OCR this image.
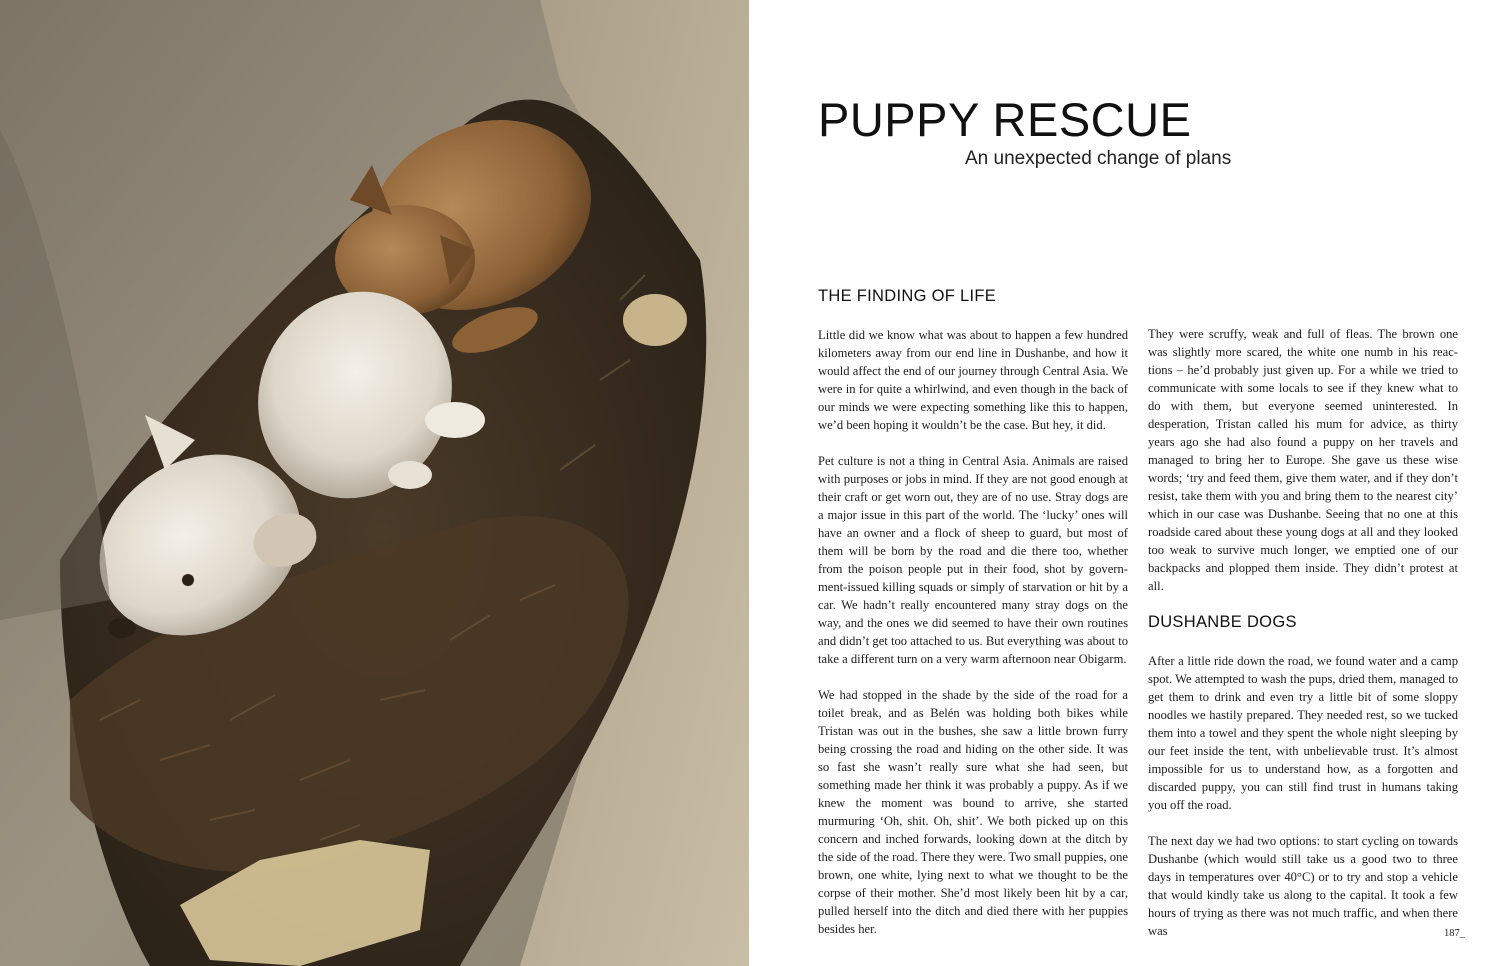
PUPPY RESCUE
An unexpected change of plans
THE FINDING OF LIFE

Little did we know what was about to happen a few hundred kilometers away from our end line in Dushanbe, and how it would affect the end of our journey through Central Asia. We were in for quite a whirlwind, and even though in the back of our minds we were expecting something like this to happen, we’d been hoping it wouldn’t be the case. But hey, it did.

Pet culture is not a thing in Central Asia. Animals are raised with purposes or jobs in mind. If they are not good enough at their craft or get worn out, they are of no use. Stray dogs are a major issue in this part of the world. The ‘lucky’ ones will have an owner and a flock of sheep to guard, but most of them will be born by the road and die there too, whether from the poison people put in their food, shot by govern- ment-issued killing squads or simply of starvation or hit by a car. We hadn’t really encountered many stray dogs on the way, and the ones we did seemed to have their own routines and didn’t get too attached to us. But everything was about to take a different turn on a very warm afternoon near Obigarm.

We had stopped in the shade by the side of the road for a toilet break, and as Belén was holding both bikes while Tristan was out in the bushes, she saw a little brown furry being crossing the road and hiding on the other side. It was so fast she wasn’t really sure what she had seen, but something made her think it was probably a puppy. As if we knew the moment was bound to arrive, she started murmuring ‘Oh, shit. Oh, shit’. We both picked up on this concern and inched forwards, looking down at the ditch by the side of the road. There they were. Two small puppies, one brown, one white, lying next to what we thought to be the corpse of their mother. She’d most likely been hit by a car, pulled herself into the ditch and died there with her puppies besides her.

They were scruffy, weak and full of fleas. The brown one was slightly more scared, the white one numb in his reac- tions – he’d probably just given up. For a while we tried to communicate with some locals to see if they knew what to do with them, but everyone seemed uninterested. In desperation, Tristan called his mum for advice, as thirty years ago she had also found a puppy on her travels and managed to bring her to Europe. She gave us these wise words; ‘try and feed them, give them water, and if they don’t resist, take them with you and bring them to the nearest city’ which in our case was Dushanbe. Seeing that no one at this roadside cared about these young dogs at all and they looked too weak to survive much longer, we emptied one of our backpacks and plopped them inside. They didn’t protest at all.

DUSHANBE DOGS

After a little ride down the road, we found water and a camp spot. We attempted to wash the pups, dried them, managed to get them to drink and even try a little bit of some sloppy noodles we hastily prepared. They needed rest, so we tucked them into a towel and they spent the whole night sleeping by our feet inside the tent, with unbelievable trust. It’s almost impossible for us to understand how, as a forgotten and discarded puppy, you can still find trust in humans taking you off the road.

The next day we had two options: to start cycling on towards Dushanbe (which would still take us a good two to three days in temperatures over 40°C) or to try and stop a vehicle that would kindly take us along to the capital. It took a few hours of trying as there was not much traffic, and when there was	187_
